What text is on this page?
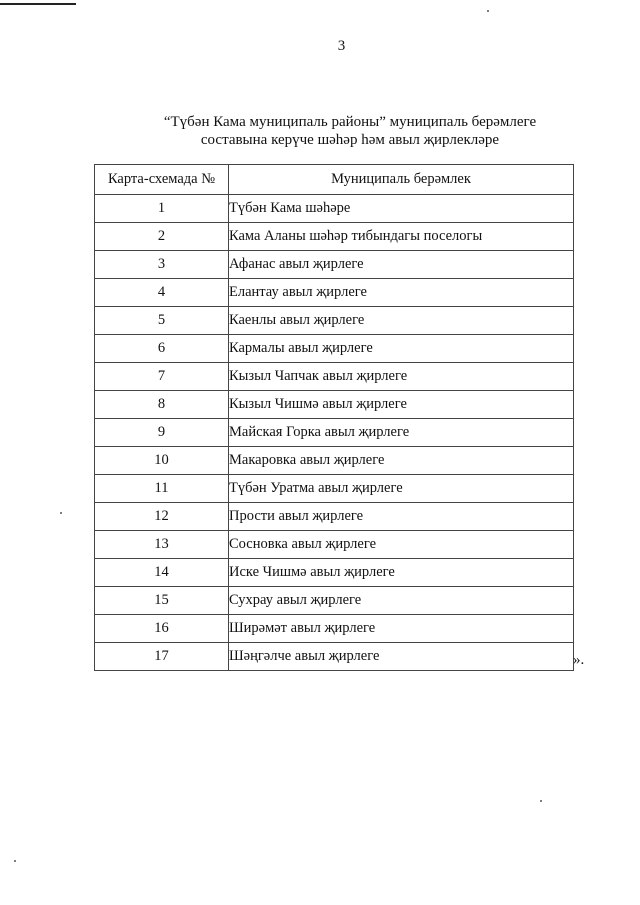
3
“Түбән Кама муниципаль районы” муниципаль берәмлеге
составына керүче шәһәр һәм авыл җирлекләре
Карта-схемада №	Муниципаль берәмлек
1	Түбән Кама шәһәре
2	Кама Аланы шәһәр тибындагы поселогы
3	Афанас авыл җирлеге
4	Елантау авыл җирлеге
5	Каенлы авыл җирлеге
6	Кармалы авыл җирлеге
7	Кызыл Чапчак авыл җирлеге
8	Кызыл Чишмә авыл җирлеге
9	Майская Горка авыл җирлеге
10	Макаровка авыл җирлеге
11	Түбән Уратма авыл җирлеге
12	Прости авыл җирлеге
13	Сосновка авыл җирлеге
14	Иске Чишмә авыл җирлеге
15	Сухрау авыл җирлеге
16	Ширәмәт авыл җирлеге
17	Шәңгәлче авыл җирлеге	».
